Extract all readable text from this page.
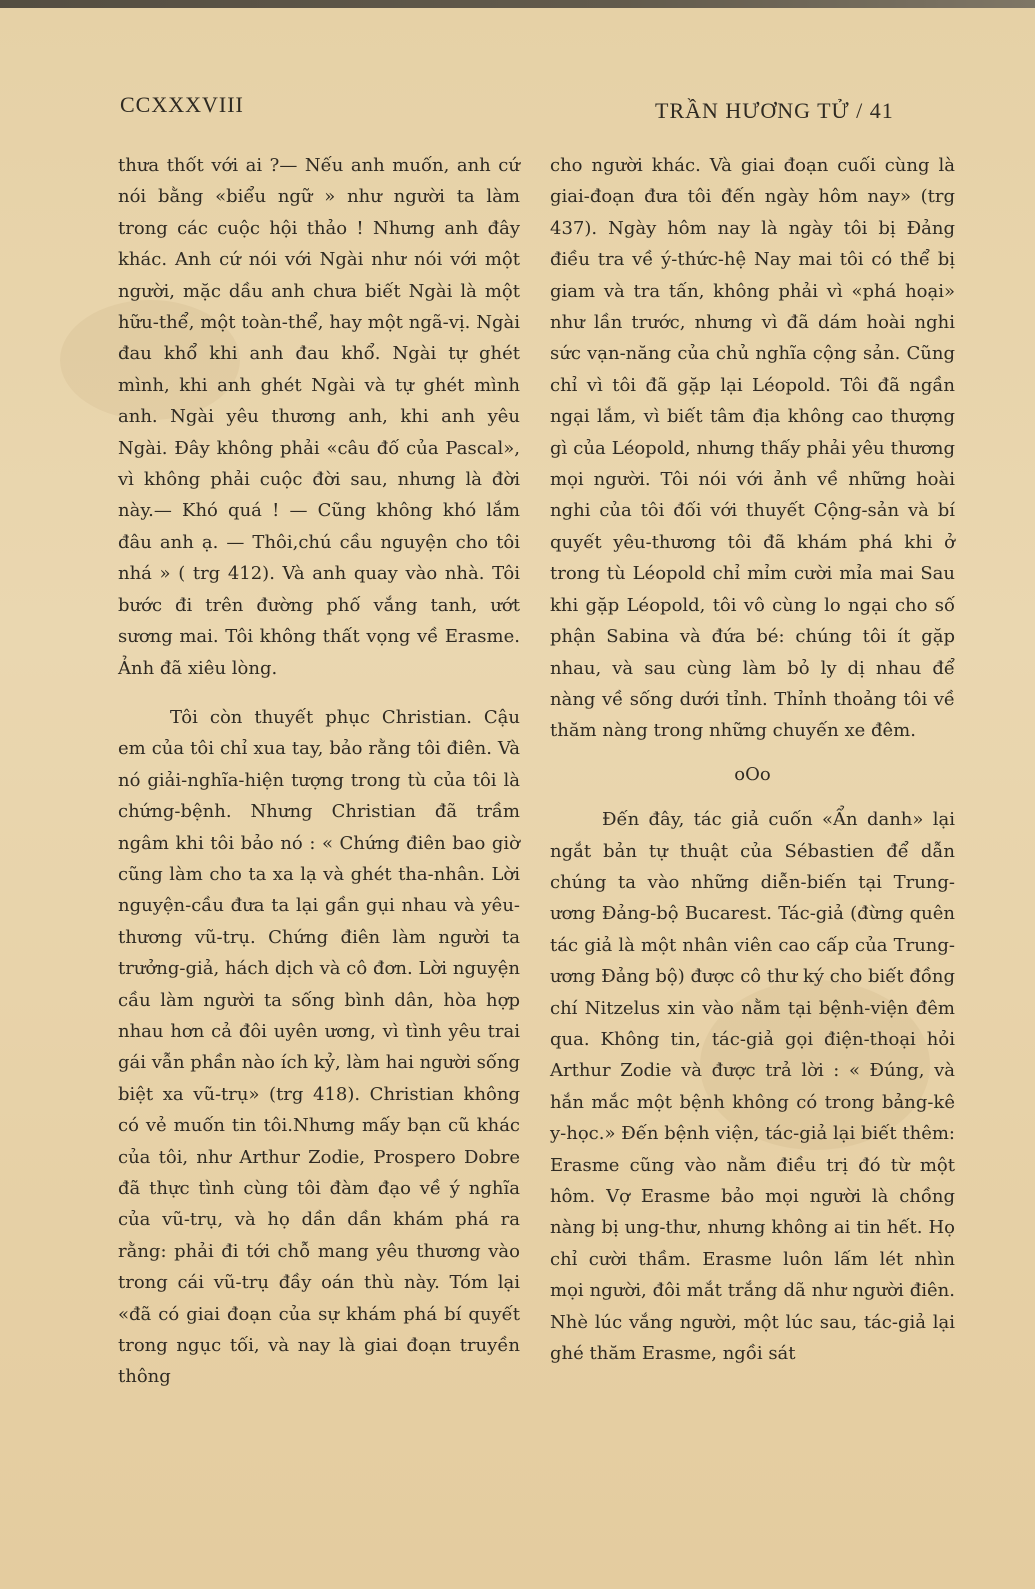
CCXXXVIII	TRẦN HƯƠNG TỬ / 41

thưa thốt với ai ?— Nếu anh muốn, anh cứ nói bằng «biểu ngữ » như người ta làm trong các cuộc hội thảo ! Nhưng anh đây khác. Anh cứ nói với Ngài như nói với một người, mặc dầu anh chưa biết Ngài là một hữu-thể, một toàn-thể, hay một ngã-vị. Ngài đau khổ khi anh đau khổ. Ngài tự ghét mình, khi anh ghét Ngài và tự ghét mình anh. Ngài yêu thương anh, khi anh yêu Ngài. Đây không phải «câu đố của Pascal», vì không phải cuộc đời sau, nhưng là đời này.— Khó quá ! — Cũng không khó lắm đâu anh ạ. — Thôi,chú cầu nguyện cho tôi nhá » ( trg 412). Và anh quay vào nhà. Tôi bước đi trên đường phố vắng tanh, ướt sương mai. Tôi không thất vọng về Erasme. Ảnh đã xiêu lòng.

Tôi còn thuyết phục Christian. Cậu em của tôi chỉ xua tay, bảo rằng tôi điên. Và nó giải-nghĩa-hiện tượng trong tù của tôi là chứng-bệnh. Nhưng Christian đã trầm ngâm khi tôi bảo nó : « Chứng điên bao giờ cũng làm cho ta xa lạ và ghét tha-nhân. Lời nguyện-cầu đưa ta lại gần gụi nhau và yêu-thương vũ-trụ. Chứng điên làm người ta trưởng-giả, hách dịch và cô đơn. Lời nguyện cầu làm người ta sống bình dân, hòa hợp nhau hơn cả đôi uyên ương, vì tình yêu trai gái vẫn phần nào ích kỷ, làm hai người sống biệt xa vũ-trụ» (trg 418). Christian không có vẻ muốn tin tôi.Nhưng mấy bạn cũ khác của tôi, như Arthur Zodie, Prospero Dobre đã thực tình cùng tôi đàm đạo về ý nghĩa của vũ-trụ, và họ dần dần khám phá ra rằng: phải đi tới chỗ mang yêu thương vào trong cái vũ-trụ đầy oán thù này. Tóm lại «đã có giai đoạn của sự khám phá bí quyết trong ngục tối, và nay là giai đoạn truyền thông

cho người khác. Và giai đoạn cuối cùng là giai-đoạn đưa tôi đến ngày hôm nay» (trg 437). Ngày hôm nay là ngày tôi bị Đảng điều tra về ý-thức-hệ Nay mai tôi có thể bị giam và tra tấn, không phải vì «phá hoại» như lần trước, nhưng vì đã dám hoài nghi sức vạn-năng của chủ nghĩa cộng sản. Cũng chỉ vì tôi đã gặp lại Léopold. Tôi đã ngần ngại lắm, vì biết tâm địa không cao thượng gì của Léopold, nhưng thấy phải yêu thương mọi người. Tôi nói với ảnh về những hoài nghi của tôi đối với thuyết Cộng-sản và bí quyết yêu-thương tôi đã khám phá khi ở trong tù Léopold chỉ mỉm cười mỉa mai Sau khi gặp Léopold, tôi vô cùng lo ngại cho số phận Sabina và đứa bé: chúng tôi ít gặp nhau, và sau cùng làm bỏ ly dị nhau để nàng về sống dưới tỉnh. Thỉnh thoảng tôi về thăm nàng trong những chuyến xe đêm.

oOo

Đến đây, tác giả cuốn «Ẩn danh» lại ngắt bản tự thuật của Sébastien để dẫn chúng ta vào những diễn-biến tại Trung-ương Đảng-bộ Bucarest. Tác-giả (đừng quên tác giả là một nhân viên cao cấp của Trung-ương Đảng bộ) được cô thư ký cho biết đồng chí Nitzelus xin vào nằm tại bệnh-viện đêm qua. Không tin, tác-giả gọi điện-thoại hỏi Arthur Zodie và được trả lời : « Đúng, và hắn mắc một bệnh không có trong bảng-kê y-học.» Đến bệnh viện, tác-giả lại biết thêm: Erasme cũng vào nằm điều trị đó từ một hôm. Vợ Erasme bảo mọi người là chồng nàng bị ung-thư, nhưng không ai tin hết. Họ chỉ cười thầm. Erasme luôn lấm lét nhìn mọi người, đôi mắt trắng dã như người điên. Nhè lúc vắng người, một lúc sau, tác-giả lại ghé thăm Erasme, ngồi sát
